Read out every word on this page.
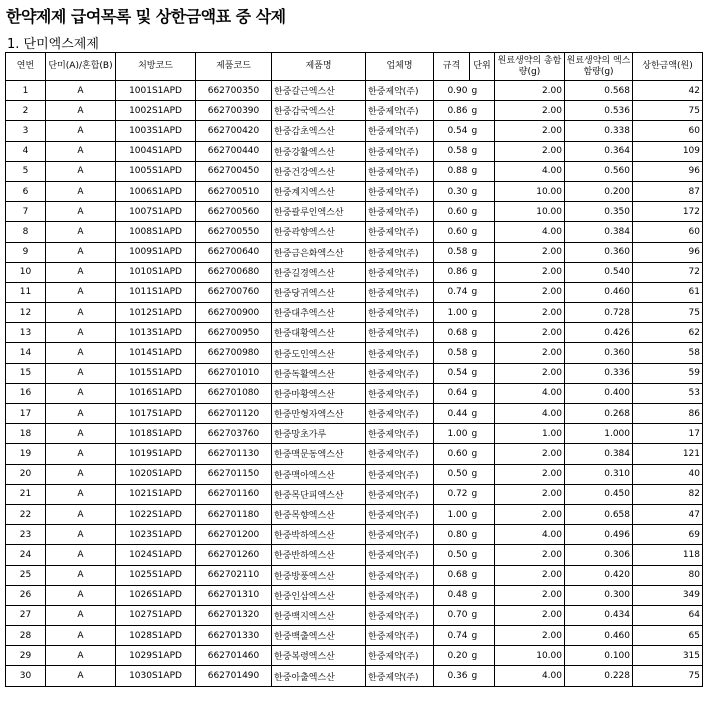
한약제제 급여목록 및 상한금액표 중 삭제
1. 단미엑스제제
연번	단미(A)/혼합(B)	처방코드	제품코드	제품명	업체명	규격	단위	원료생약의 총함량(g)	원료생약의 엑스함량(g)	상한금액(원)
1	A	1001S1APD	662700350	한중갈근엑스산	한중제약(주)	0.90	g	2.00	0.568	42
2	A	1002S1APD	662700390	한중감국엑스산	한중제약(주)	0.86	g	2.00	0.536	75
3	A	1003S1APD	662700420	한중감초엑스산	한중제약(주)	0.54	g	2.00	0.338	60
4	A	1004S1APD	662700440	한중강활엑스산	한중제약(주)	0.58	g	2.00	0.364	109
5	A	1005S1APD	662700450	한중건강엑스산	한중제약(주)	0.88	g	4.00	0.560	96
6	A	1006S1APD	662700510	한중계지엑스산	한중제약(주)	0.30	g	10.00	0.200	87
7	A	1007S1APD	662700560	한중괄루인엑스산	한중제약(주)	0.60	g	10.00	0.350	172
8	A	1008S1APD	662700550	한중곽향엑스산	한중제약(주)	0.60	g	4.00	0.384	60
9	A	1009S1APD	662700640	한중금은화엑스산	한중제약(주)	0.58	g	2.00	0.360	96
10	A	1010S1APD	662700680	한중길경엑스산	한중제약(주)	0.86	g	2.00	0.540	72
11	A	1011S1APD	662700760	한중당귀엑스산	한중제약(주)	0.74	g	2.00	0.460	61
12	A	1012S1APD	662700900	한중대추엑스산	한중제약(주)	1.00	g	2.00	0.728	75
13	A	1013S1APD	662700950	한중대황엑스산	한중제약(주)	0.68	g	2.00	0.426	62
14	A	1014S1APD	662700980	한중도인엑스산	한중제약(주)	0.58	g	2.00	0.360	58
15	A	1015S1APD	662701010	한중독활엑스산	한중제약(주)	0.54	g	2.00	0.336	59
16	A	1016S1APD	662701080	한중마황엑스산	한중제약(주)	0.64	g	4.00	0.400	53
17	A	1017S1APD	662701120	한중만형자엑스산	한중제약(주)	0.44	g	4.00	0.268	86
18	A	1018S1APD	662703760	한중망초가루	한중제약(주)	1.00	g	1.00	1.000	17
19	A	1019S1APD	662701130	한중맥문동엑스산	한중제약(주)	0.60	g	2.00	0.384	121
20	A	1020S1APD	662701150	한중맥아엑스산	한중제약(주)	0.50	g	2.00	0.310	40
21	A	1021S1APD	662701160	한중목단피엑스산	한중제약(주)	0.72	g	2.00	0.450	82
22	A	1022S1APD	662701180	한중목향엑스산	한중제약(주)	1.00	g	2.00	0.658	47
23	A	1023S1APD	662701200	한중박하엑스산	한중제약(주)	0.80	g	4.00	0.496	69
24	A	1024S1APD	662701260	한중반하엑스산	한중제약(주)	0.50	g	2.00	0.306	118
25	A	1025S1APD	662702110	한중방풍엑스산	한중제약(주)	0.68	g	2.00	0.420	80
26	A	1026S1APD	662701310	한중인삼엑스산	한중제약(주)	0.48	g	2.00	0.300	349
27	A	1027S1APD	662701320	한중백지엑스산	한중제약(주)	0.70	g	2.00	0.434	64
28	A	1028S1APD	662701330	한중백출엑스산	한중제약(주)	0.74	g	2.00	0.460	65
29	A	1029S1APD	662701460	한중복령엑스산	한중제약(주)	0.20	g	10.00	0.100	315
30	A	1030S1APD	662701490	한중아출엑스산	한중제약(주)	0.36	g	4.00	0.228	75
